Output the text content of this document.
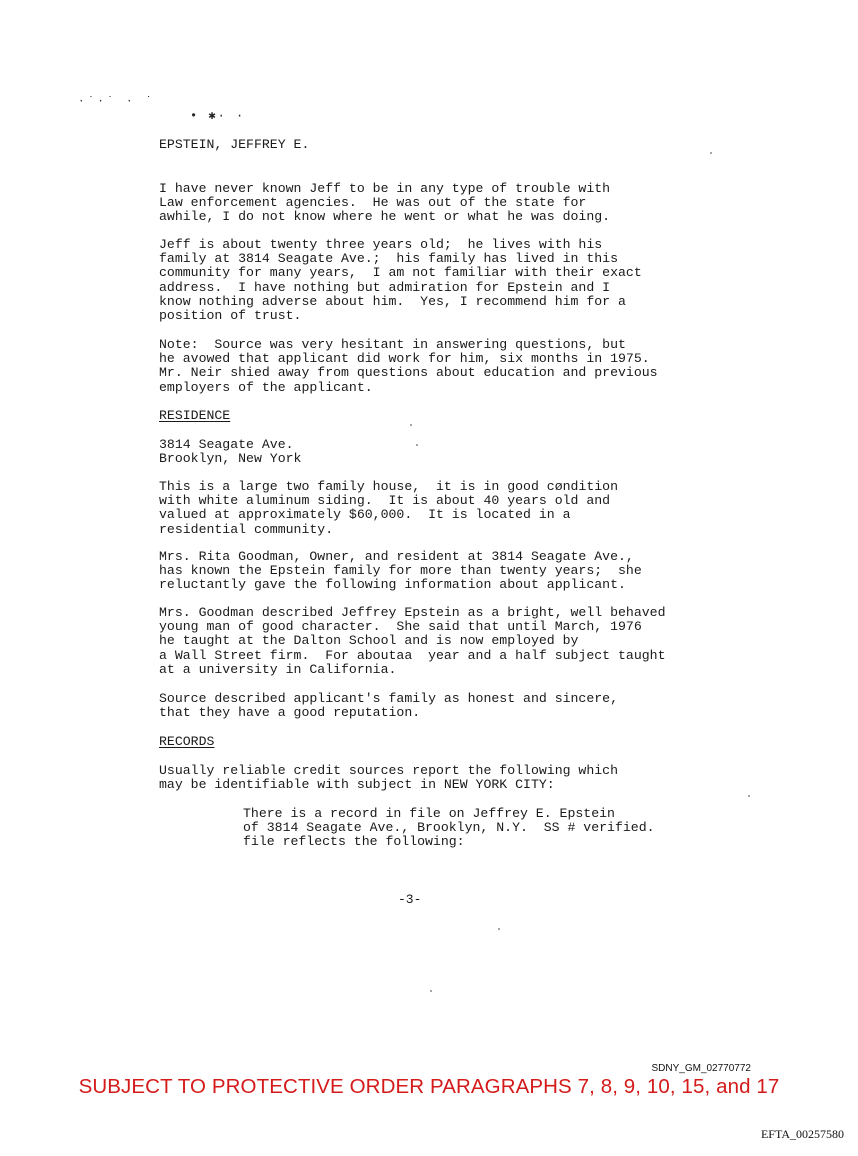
·˙·˙ · ˙
• ✱· ·

EPSTEIN, JEFFREY E.

I have never known Jeff to be in any type of trouble with
Law enforcement agencies.  He was out of the state for
awhile, I do not know where he went or what he was doing.

Jeff is about twenty three years old;  he lives with his
family at 3814 Seagate Ave.;  his family has lived in this
community for many years,  I am not familiar with their exact
address.  I have nothing but admiration for Epstein and I
know nothing adverse about him.  Yes, I recommend him for a
position of trust.

Note:  Source was very hesitant in answering questions, but
he avowed that applicant did work for him, six months in 1975.
Mr. Neir shied away from questions about education and previous
employers of the applicant.

RESIDENCE

3814 Seagate Ave.
Brooklyn, New York

This is a large two family house,  it is in good cøndition
with white aluminum siding.  It is about 40 years old and
valued at approximately $60,000.  It is located in a
residential community.

Mrs. Rita Goodman, Owner, and resident at 3814 Seagate Ave.,
has known the Epstein family for more than twenty years;  she
reluctantly gave the following information about applicant.

Mrs. Goodman described Jeffrey Epstein as a bright, well behaved
young man of good character.  She said that until March, 1976
he taught at the Dalton School and is now employed by
a Wall Street firm.  For aboutaa  year and a half subject taught
at a university in California.

Source described applicant's family as honest and sincere,
that they have a good reputation.

RECORDS

Usually reliable credit sources report the following which
may be identifiable with subject in NEW YORK CITY:

There is a record in file on Jeffrey E. Epstein
of 3814 Seagate Ave., Brooklyn, N.Y.  SS # verified.
file reflects the following:

-3-
SDNY_GM_02770772
SUBJECT TO PROTECTIVE ORDER PARAGRAPHS 7, 8, 9, 10, 15, and 17
EFTA_00257580
